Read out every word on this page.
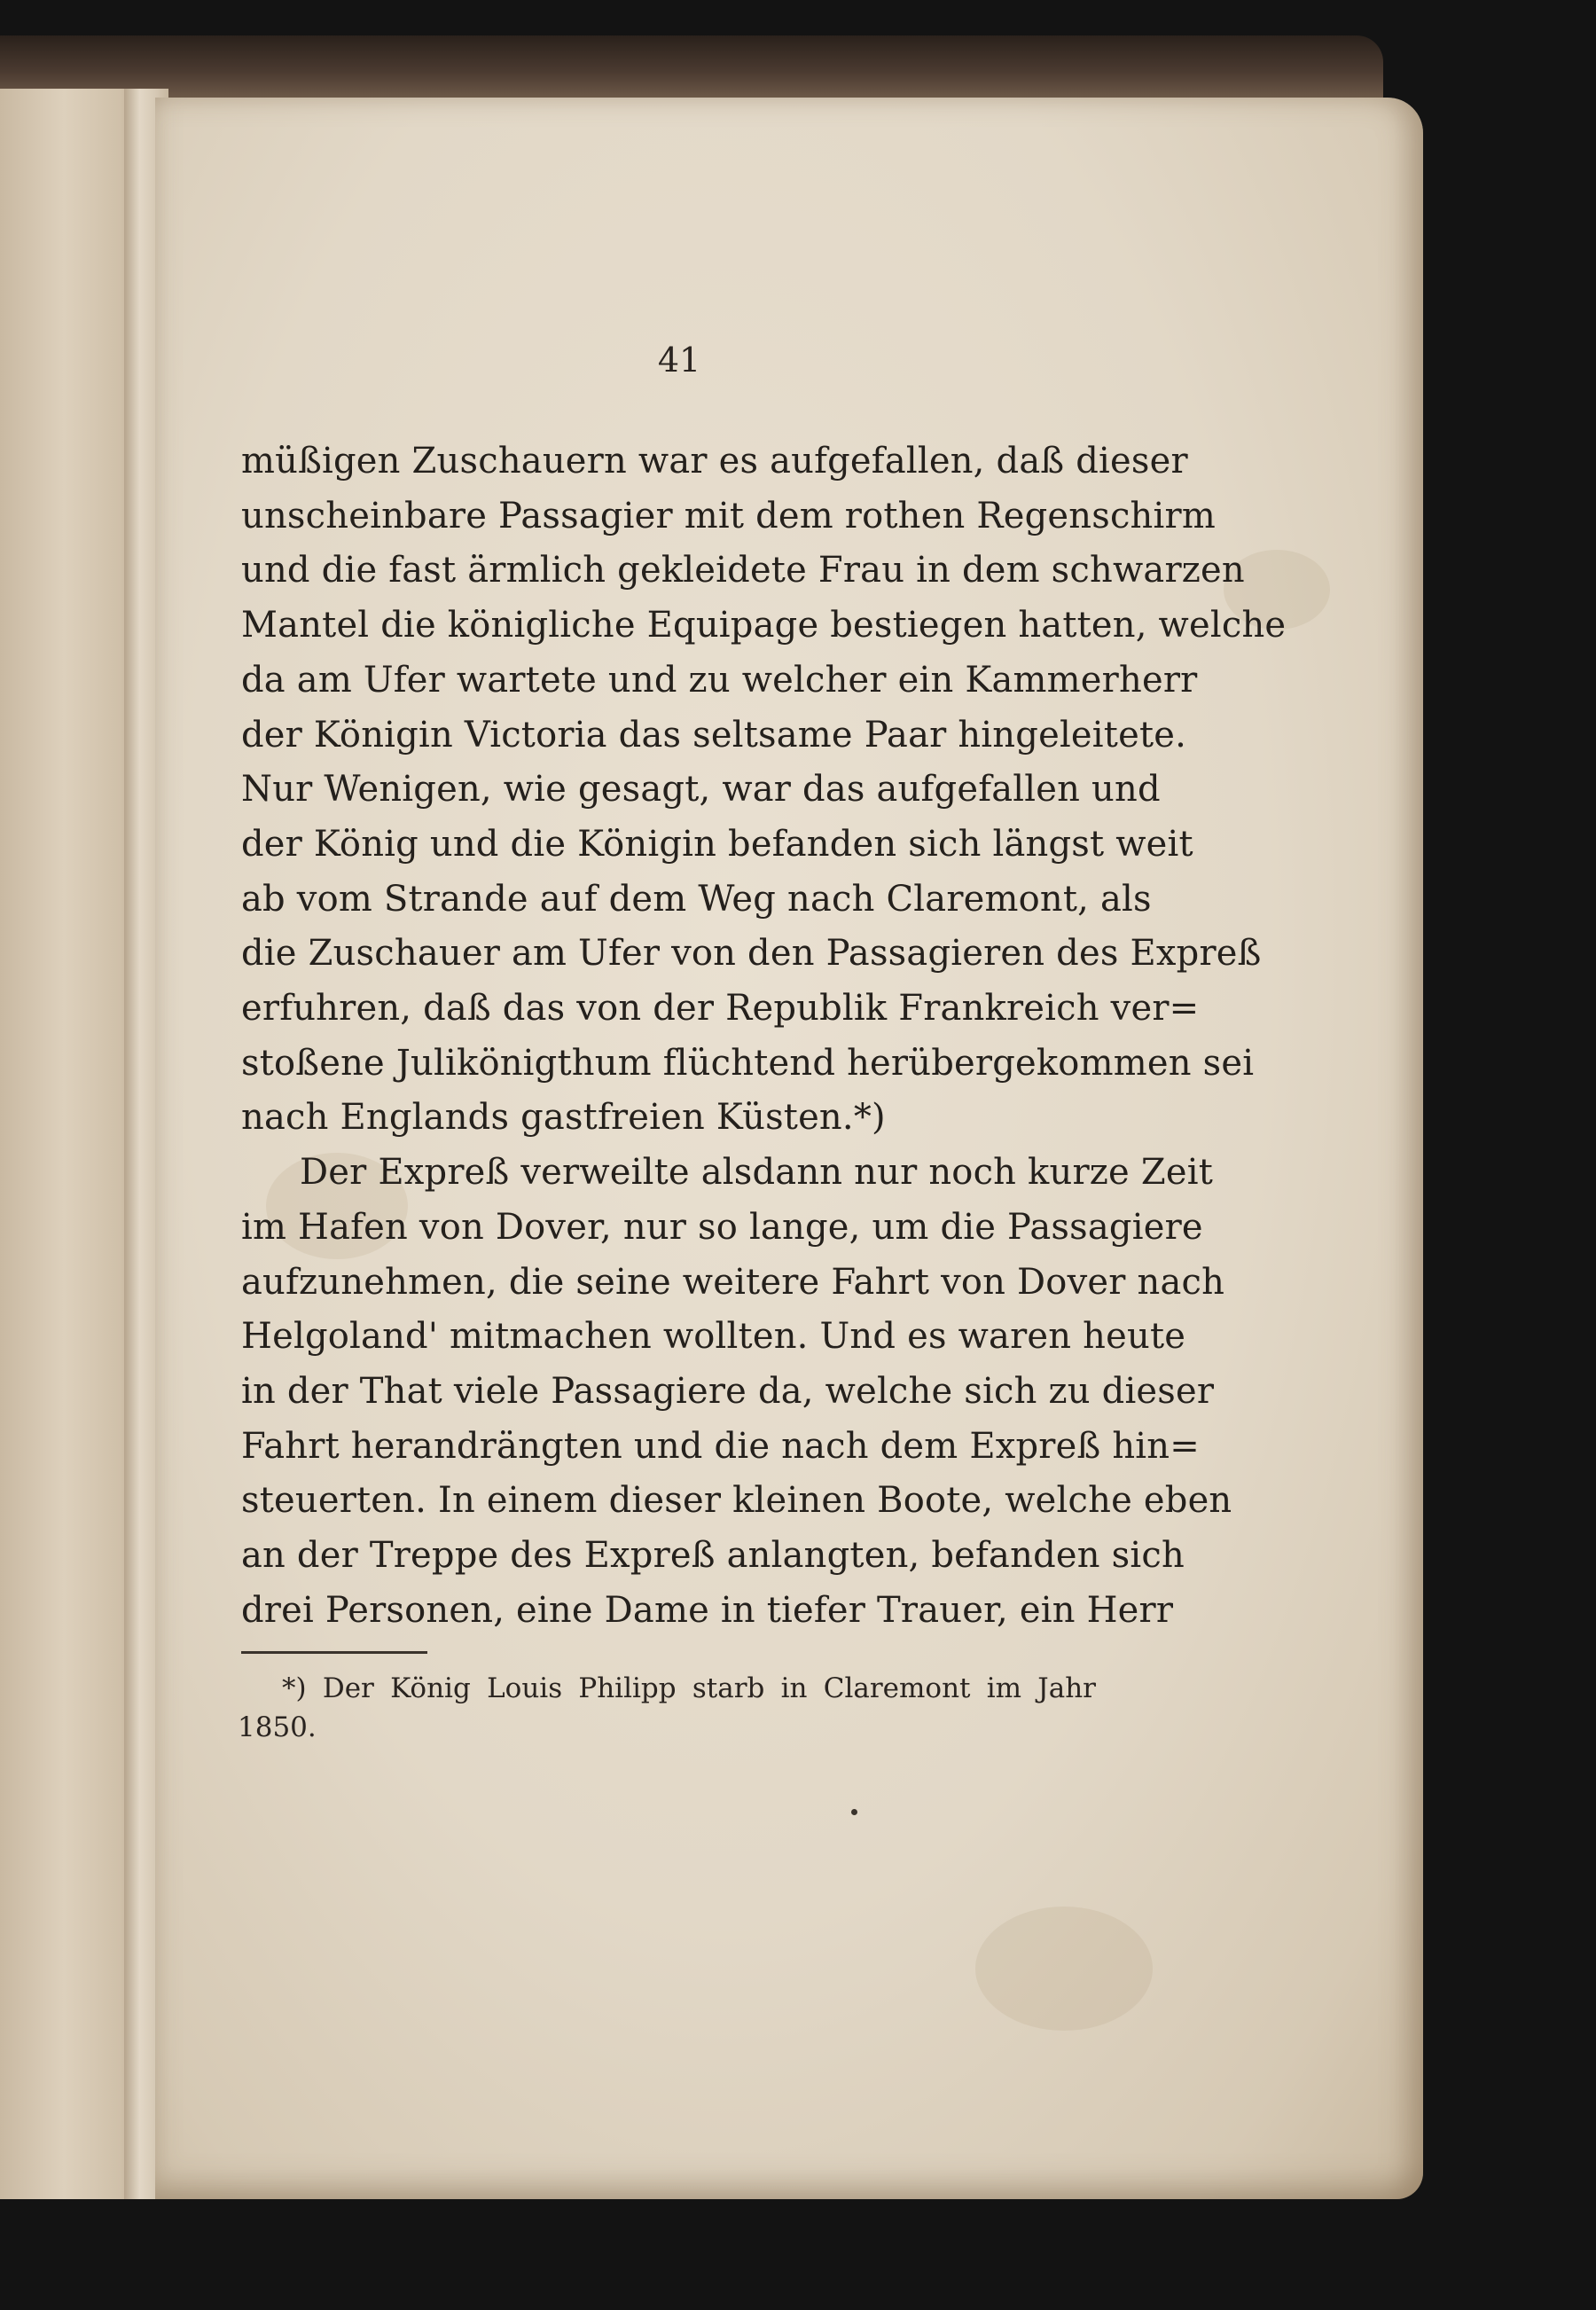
41
müßigen Zuschauern war es aufgefallen, daß dieser
unscheinbare Passagier mit dem rothen Regenschirm
und die fast ärmlich gekleidete Frau in dem schwarzen
Mantel die königliche Equipage bestiegen hatten, welche
da am Ufer wartete und zu welcher ein Kammerherr
der Königin Victoria das seltsame Paar hingeleitete.
Nur Wenigen, wie gesagt, war das aufgefallen und
der König und die Königin befanden sich längst weit
ab vom Strande auf dem Weg nach Claremont, als
die Zuschauer am Ufer von den Passagieren des Expreß
erfuhren, daß das von der Republik Frankreich ver=
stoßene Julikönigthum flüchtend herübergekommen sei
nach Englands gastfreien Küsten.*)
Der Expreß verweilte alsdann nur noch kurze Zeit
im Hafen von Dover, nur so lange, um die Passagiere
aufzunehmen, die seine weitere Fahrt von Dover nach
Helgoland' mitmachen wollten. Und es waren heute
in der That viele Passagiere da, welche sich zu dieser
Fahrt herandrängten und die nach dem Expreß hin=
steuerten. In einem dieser kleinen Boote, welche eben
an der Treppe des Expreß anlangten, befanden sich
drei Personen, eine Dame in tiefer Trauer, ein Herr
*) Der König Louis Philipp starb in Claremont im Jahr
1850.
